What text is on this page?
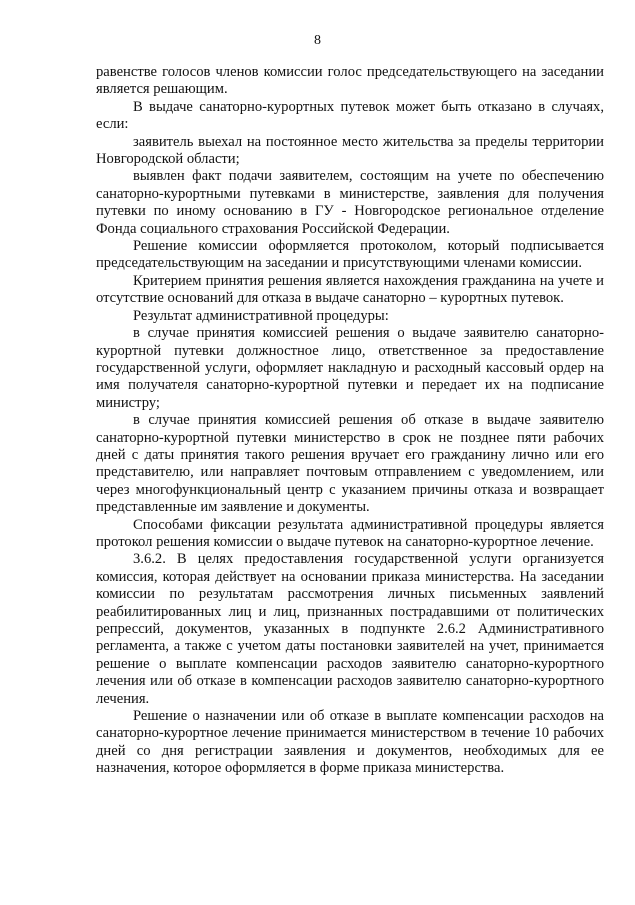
8

равенстве голосов членов комиссии голос председательствующего на заседании является решающим.

В выдаче санаторно-курортных путевок может быть отказано в случаях, если:

заявитель выехал на постоянное место жительства за пределы территории Новгородской области;

выявлен факт подачи заявителем, состоящим на учете по обеспечению санаторно-курортными путевками в министерстве, заявления для получения путевки по иному основанию в ГУ - Новгородское региональное отделение Фонда социального страхования Российской Федерации.

Решение комиссии оформляется протоколом, который подписывается председательствующим на заседании и присутствующими членами комиссии.

Критерием принятия решения является нахождения гражданина на учете и отсутствие оснований для отказа в выдаче санаторно – курортных путевок.

Результат административной процедуры:

в случае принятия комиссией решения о выдаче заявителю санаторно-курортной путевки должностное лицо, ответственное за предоставление государственной услуги, оформляет накладную и расходный кассовый ордер на имя получателя санаторно-курортной путевки и передает их на подписание министру;

в случае принятия комиссией решения об отказе в выдаче заявителю санаторно-курортной путевки министерство в срок не позднее пяти рабочих дней с даты принятия такого решения вручает его гражданину лично или его представителю, или направляет почтовым отправлением с уведомлением, или через многофункциональный центр с указанием причины отказа и возвращает представленные им заявление и документы.

Способами фиксации результата административной процедуры является протокол решения комиссии о выдаче путевок на санаторно-курортное лечение.

3.6.2. В целях предоставления государственной услуги организуется комиссия, которая действует на основании приказа министерства. На заседании комиссии по результатам рассмотрения личных письменных заявлений реабилитированных лиц и лиц, признанных пострадавшими от политических репрессий, документов, указанных в подпункте 2.6.2 Административного регламента, а также с учетом даты постановки заявителей на учет, принимается решение о выплате компенсации расходов заявителю санаторно-курортного лечения или об отказе в компенсации расходов заявителю санаторно-курортного лечения.

Решение о назначении или об отказе в выплате компенсации расходов на санаторно-курортное лечение принимается министерством в течение 10 рабочих дней со дня регистрации заявления и документов, необходимых для ее назначения, которое оформляется в форме приказа министерства.
